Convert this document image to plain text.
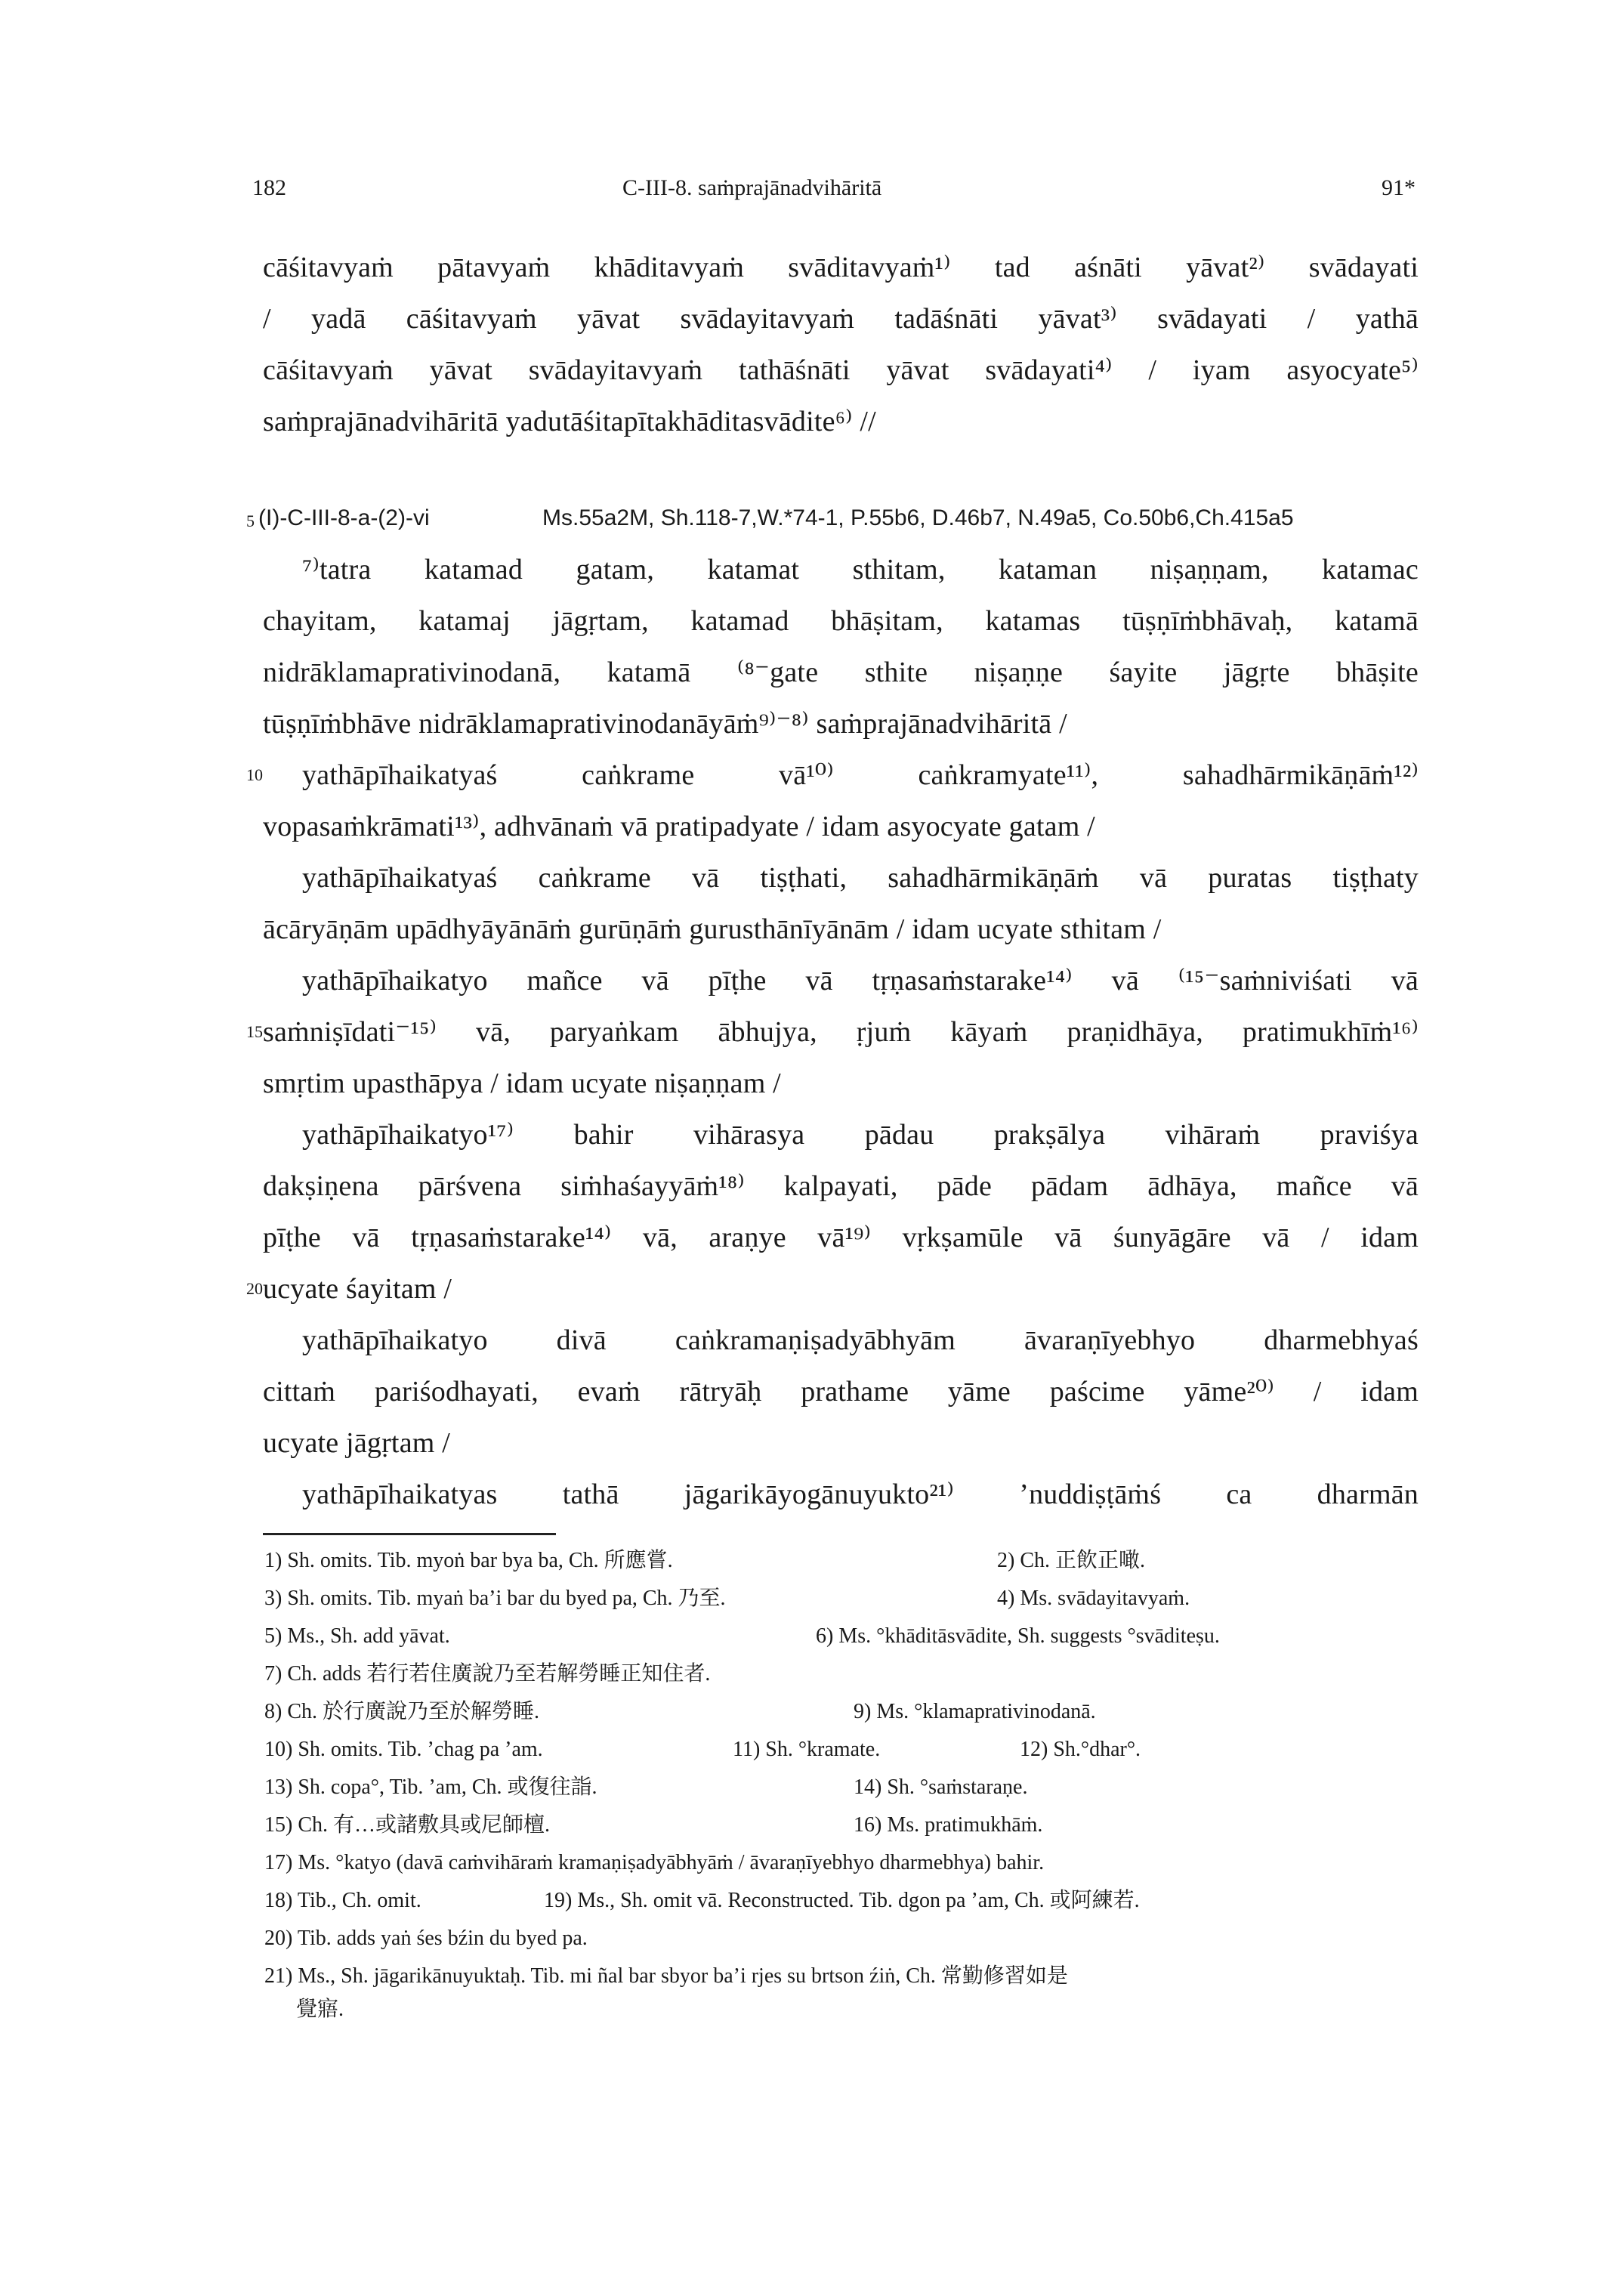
182	C-III-8. saṁprajānadvihāritā	91*
cāśitavyaṁ pātavyaṁ khāditavyaṁ svāditavyaṁ¹⁾ tad aśnāti yāvat²⁾ svādayati
/ yadā cāśitavyaṁ yāvat svādayitavyaṁ tadāśnāti yāvat³⁾ svādayati / yathā
cāśitavyaṁ yāvat svādayitavyaṁ tathāśnāti yāvat svādayati⁴⁾ / iyam asyocyate⁵⁾
saṁprajānadvihāritā yadutāśitapītakhāditasvādite⁶⁾ //
5 (I)-C-III-8-a-(2)-vi	Ms.55a2M, Sh.118-7,W.*74-1, P.55b6, D.46b7, N.49a5, Co.50b6,Ch.415a5
⁷⁾tatra katamad gatam, katamat sthitam, kataman niṣaṇṇam, katamac
chayitam, katamaj jāgṛtam, katamad bhāṣitam, katamas tūṣṇīṁbhāvaḥ, katamā
nidrāklamaprativinodanā, katamā ⁽⁸⁻gate sthite niṣaṇṇe śayite jāgṛte bhāṣite
tūṣṇīṁbhāve nidrāklamaprativinodanāyāṁ⁹⁾⁻⁸⁾ saṁprajānadvihāritā /
10 yathāpīhaikatyaś caṅkrame vā¹⁰⁾ caṅkramyate¹¹⁾, sahadhārmikāṇāṁ¹²⁾
vopasaṁkrāmati¹³⁾, adhvānaṁ vā pratipadyate / idam asyocyate gatam /
yathāpīhaikatyaś caṅkrame vā tiṣṭhati, sahadhārmikāṇāṁ vā puratas tiṣṭhaty
ācāryāṇām upādhyāyānāṁ gurūṇāṁ gurusthānīyānām / idam ucyate sthitam /
yathāpīhaikatyo mañce vā pīṭhe vā tṛṇasaṁstarake¹⁴⁾ vā ⁽¹⁵⁻saṁniviśati vā
15 saṁniṣīdati⁻¹⁵⁾ vā, paryaṅkam ābhujya, ṛjuṁ kāyaṁ praṇidhāya, pratimukhīṁ¹⁶⁾
smṛtim upasthāpya / idam ucyate niṣaṇṇam /
yathāpīhaikatyo¹⁷⁾ bahir vihārasya pādau prakṣālya vihāraṁ praviśya
dakṣiṇena pārśvena siṁhaśayyāṁ¹⁸⁾ kalpayati, pāde pādam ādhāya, mañce vā
pīṭhe vā tṛṇasaṁstarake¹⁴⁾ vā, araṇye vā¹⁹⁾ vṛkṣamūle vā śunyāgāre vā / idam
20 ucyate śayitam /
yathāpīhaikatyo divā caṅkramaṇiṣadyābhyām āvaraṇīyebhyo dharmebhyaś
cittaṁ pariśodhayati, evaṁ rātryāḥ prathame yāme paścime yāme²⁰⁾ / idam
ucyate jāgṛtam /
yathāpīhaikatyas tathā jāgarikāyogānuyukto²¹⁾ ’nuddiṣṭāṁś ca dharmān
1) Sh. omits. Tib. myoṅ bar bya ba, Ch. 所應嘗.	2) Ch. 正飲正噉.
3) Sh. omits. Tib. myaṅ ba’i bar du byed pa, Ch. 乃至.	4) Ms. svādayitavyaṁ.
5) Ms., Sh. add yāvat.	6) Ms. °khāditāsvādite, Sh. suggests °svāditeṣu.
7) Ch. adds 若行若住廣說乃至若解勞睡正知住者.
8) Ch. 於行廣說乃至於解勞睡.	9) Ms. °klamaprativinodanā.
10) Sh. omits. Tib. ’chag pa ’am.	11) Sh. °kramate.	12) Sh.°dhar°.
13) Sh. copa°, Tib. ’am, Ch. 或復往詣.	14) Sh. °saṁstaraṇe.
15) Ch. 有…或諸敷具或尼師檀.	16) Ms. pratimukhāṁ.
17) Ms. °katyo (davā caṁvihāraṁ kramaṇiṣadyābhyāṁ / āvaraṇīyebhyo dharmebhya) bahir.
18) Tib., Ch. omit.	19) Ms., Sh. omit vā. Reconstructed. Tib. dgon pa ’am, Ch. 或阿練若.
20) Tib. adds yaṅ śes bźin du byed pa.
21) Ms., Sh. jāgarikānuyuktaḥ. Tib. mi ñal bar sbyor ba’i rjes su brtson źiṅ, Ch. 常勤修習如是
覺寤.
